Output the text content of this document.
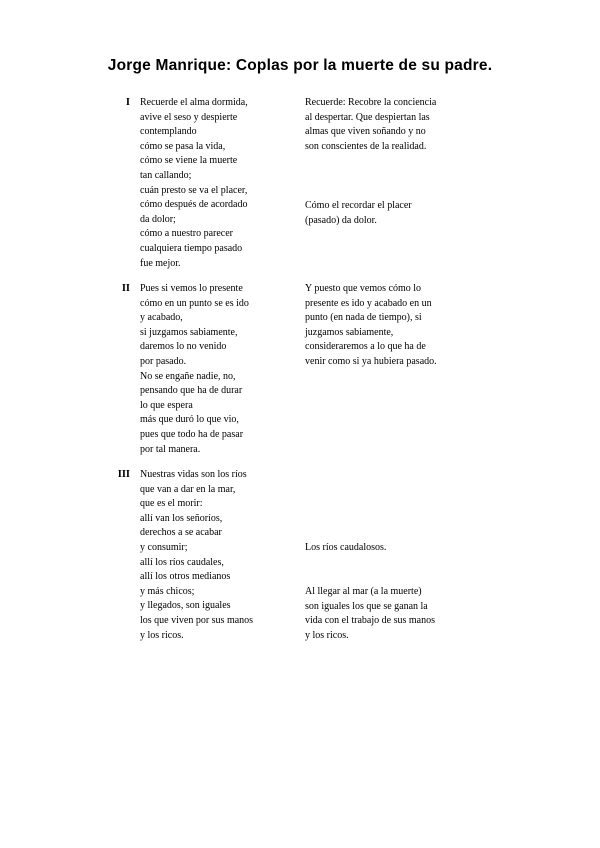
Jorge Manrique: Coplas por la muerte de su padre.
I Recuerde el alma dormida,
avive el seso y despierte
contemplando
cómo se pasa la vida,
cómo se viene la muerte
tan callando;
cuán presto se va el placer,
cómo después de acordado
da dolor;
cómo a nuestro parecer
cualquiera tiempo pasado
fue mejor.
Recuerde: Recobre la conciencia
al despertar. Que despiertan las
almas que viven soñando y no
son conscientes de la realidad.
Cómo el recordar el placer
(pasado) da dolor.
II Pues si vemos lo presente
cómo en un punto se es ido
y acabado,
si juzgamos sabiamente,
daremos lo no venido
por pasado.
No se engañe nadie, no,
pensando que ha de durar
lo que espera
más que duró lo que vio,
pues que todo ha de pasar
por tal manera.
Y puesto que vemos cómo lo
presente es ido y acabado en un
punto (en nada de tiempo), si
juzgamos sabiamente,
consideraremos a lo que ha de
venir como si ya hubiera pasado.
III Nuestras vidas son los ríos
que van a dar en la mar,
que es el morir:
allí van los señoríos,
derechos a se acabar
y consumir;
allí los ríos caudales,
allí los otros medianos
y más chicos;
y llegados, son iguales
los que viven por sus manos
y los ricos.
Los ríos caudalosos.
Al llegar al mar (a la muerte)
son iguales los que se ganan la
vida con el trabajo de sus manos
y los ricos.
